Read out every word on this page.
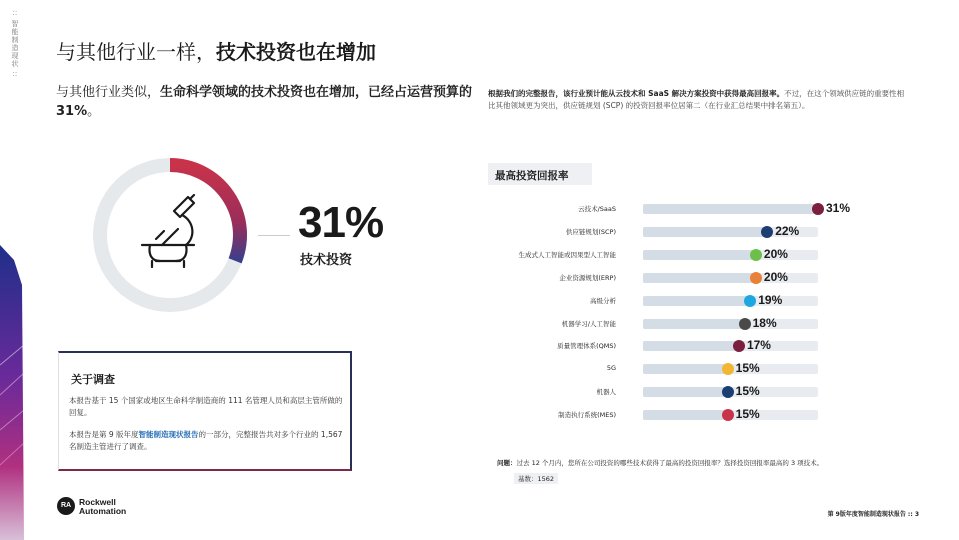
:: 智能制造现状 :: 与其他行业一样，技术投资也在增加
与其他行业类似，生命科学领域的技术投资也在增加，已经占运营预算的 31%。
根据我们的完整报告，该行业预计能从云技术和 SaaS 解决方案投资中获得最高回报率。不过，在这个领域供应链的重要性相比其他领域更为突出，供应链规划 (SCP) 的投资回报率位居第二（在行业汇总结果中排名第五）。
31%
技术投资
关于调查
本报告基于 15 个国家或地区生命科学制造商的 111 名管理人员和高层主管所做的回复。
本报告是第 9 版年度智能制造现状报告的一部分，完整报告共对多个行业的 1,567 名制造主管进行了调查。
最高投资回报率
云技术/SaaS	31%
供应链规划(SCP)	22%
生成式人工智能或因果型人工智能	20%
企业资源规划(ERP)	20%
高级分析	19%
机器学习/人工智能	18%
质量管理体系(QMS)	17%
5G	15%
机器人	15%
制造执行系统(MES)	15%
问题：过去 12 个月内，您所在公司投资的哪些技术获得了最高的投资回报率？选择投资回报率最高的 3 项技术。
基数：1562
RA Rockwell
Automation	第 9版年度智能制造现状报告 :: 3
